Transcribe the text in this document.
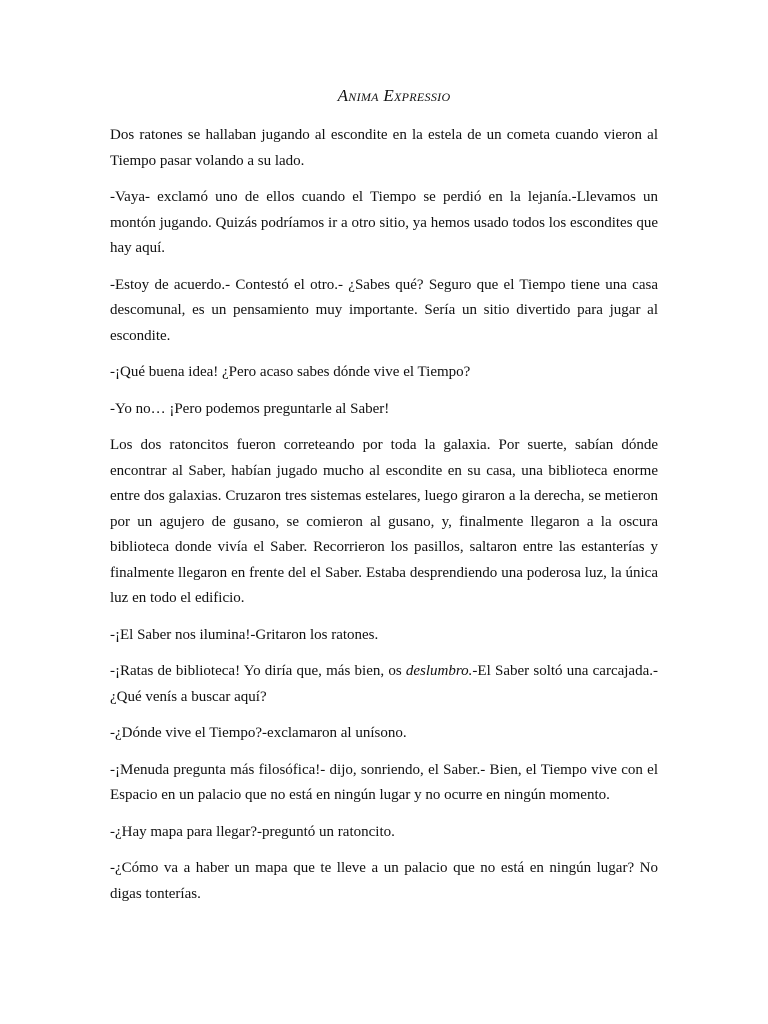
Anima Expressio

Dos ratones se hallaban jugando al escondite en la estela de un cometa cuando vieron al Tiempo pasar volando a su lado.

-Vaya- exclamó uno de ellos cuando el Tiempo se perdió en la lejanía.-Llevamos un montón jugando. Quizás podríamos ir a otro sitio, ya hemos usado todos los escondites que hay aquí.

-Estoy de acuerdo.- Contestó el otro.- ¿Sabes qué? Seguro que el Tiempo tiene una casa descomunal, es un pensamiento muy importante. Sería un sitio divertido para jugar al escondite.

-¡Qué buena idea! ¿Pero acaso sabes dónde vive el Tiempo?

-Yo no… ¡Pero podemos preguntarle al Saber!

Los dos ratoncitos fueron correteando por toda la galaxia. Por suerte, sabían dónde encontrar al Saber, habían jugado mucho al escondite en su casa, una biblioteca enorme entre dos galaxias. Cruzaron tres sistemas estelares, luego giraron a la derecha, se metieron por un agujero de gusano, se comieron al gusano, y, finalmente llegaron a la oscura biblioteca donde vivía el Saber. Recorrieron los pasillos, saltaron entre las estanterías y finalmente llegaron en frente del el Saber. Estaba desprendiendo una poderosa luz, la única luz en todo el edificio.

-¡El Saber nos ilumina!-Gritaron los ratones.

-¡Ratas de biblioteca! Yo diría que, más bien, os deslumbro.-El Saber soltó una carcajada.- ¿Qué venís a buscar aquí?

-¿Dónde vive el Tiempo?-exclamaron al unísono.

-¡Menuda pregunta más filosófica!- dijo, sonriendo, el Saber.- Bien, el Tiempo vive con el Espacio en un palacio que no está en ningún lugar y no ocurre en ningún momento.

-¿Hay mapa para llegar?-preguntó un ratoncito.

-¿Cómo va a haber un mapa que te lleve a un palacio que no está en ningún lugar? No digas tonterías.
